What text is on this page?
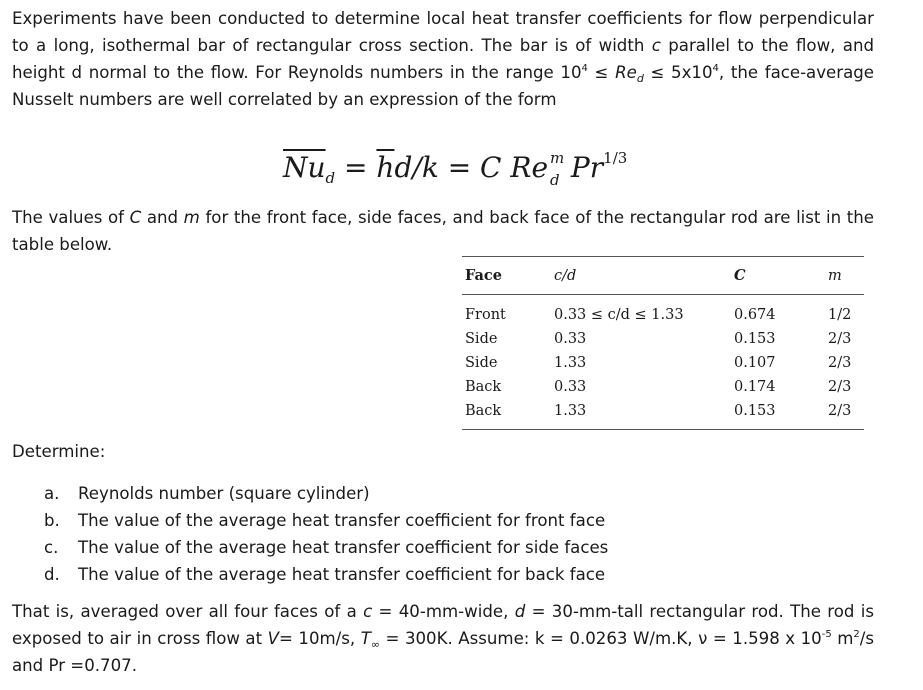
Experiments have been conducted to determine local heat transfer coefficients for flow perpendicular to a long, isothermal bar of rectangular cross section. The bar is of width c parallel to the flow, and height d normal to the flow. For Reynolds numbers in the range $10^4 \le Re_d \le 5x10^4$, the face-average Nusselt numbers are well correlated by an expression of the form

$\overline{Nu}_d = \overline{h}d/k = C$ Re m
d $Pr^{1/3}$

The values of C and m for the front face, side faces, and back face of the rectangular rod are list in the table below.

Face	c/d	C	m
Front	0.33 ≤ c/d ≤ 1.33	0.674	1/2
Side	0.33	0.153	2/3
Side	1.33	0.107	2/3
Back	0.33	0.174	2/3
Back	1.33	0.153	2/3

Determine:

a. Reynolds number (square cylinder)
b. The value of the average heat transfer coefficient for front face
c. The value of the average heat transfer coefficient for side faces
d. The value of the average heat transfer coefficient for back face

That is, averaged over all four faces of a c = 40-mm-wide, d = 30-mm-tall rectangular rod. The rod is exposed to air in cross flow at V= 10m/s, $T_\infty = 300K$. Assume: k = 0.0263 W/m.K, ν = 1.598 x $10^{-5}$ $m^2/s$ and Pr =0.707.
